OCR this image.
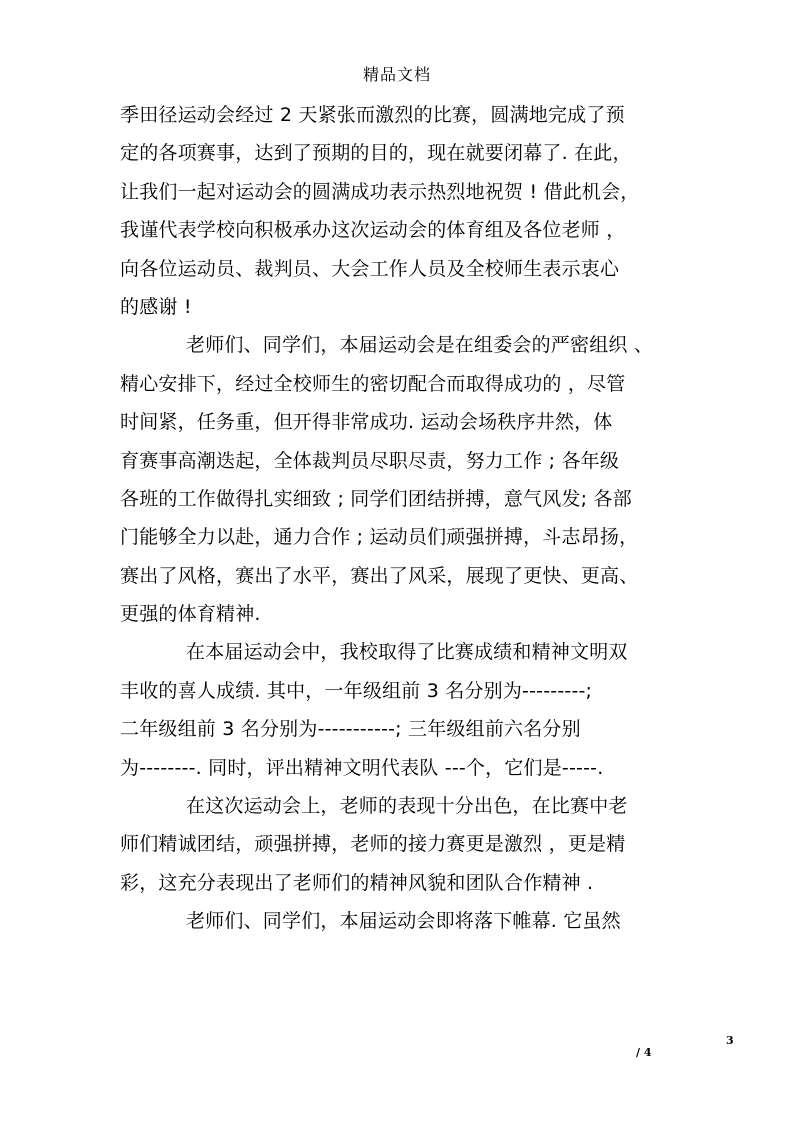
精品文档
季田径运动会经过 2 天紧张而激烈的比赛，圆满地完成了预
定的各项赛事，达到了预期的目的，现在就要闭幕了. 在此，
让我们一起对运动会的圆满成功表示热烈地祝贺 ! 借此机会，
我谨代表学校向积极承办这次运动会的体育组及各位老师 ，
向各位运动员、裁判员、大会工作人员及全校师生表示衷心
的感谢 !
老师们、同学们，本届运动会是在组委会的严密组织 、
精心安排下，经过全校师生的密切配合而取得成功的 ，尽管
时间紧，任务重，但开得非常成功. 运动会场秩序井然，体
育赛事高潮迭起，全体裁判员尽职尽责，努力工作 ; 各年级
各班的工作做得扎实细致 ; 同学们团结拼搏，意气风发; 各部
门能够全力以赴，通力合作 ; 运动员们顽强拼搏，斗志昂扬，
赛出了风格，赛出了水平，赛出了风采，展现了更快、更高、
更强的体育精神.
在本届运动会中，我校取得了比赛成绩和精神文明双
丰收的喜人成绩. 其中，一年级组前 3 名分别为---------;
二年级组前 3 名分别为-----------; 三年级组前六名分别
为--------. 同时，评出精神文明代表队 ---个，它们是-----.
在这次运动会上，老师的表现十分出色，在比赛中老
师们精诚团结，顽强拼搏，老师的接力赛更是激烈 ，更是精
彩，这充分表现出了老师们的精神风貌和团队合作精神 .
老师们、同学们，本届运动会即将落下帷幕. 它虽然
3
/ 4
